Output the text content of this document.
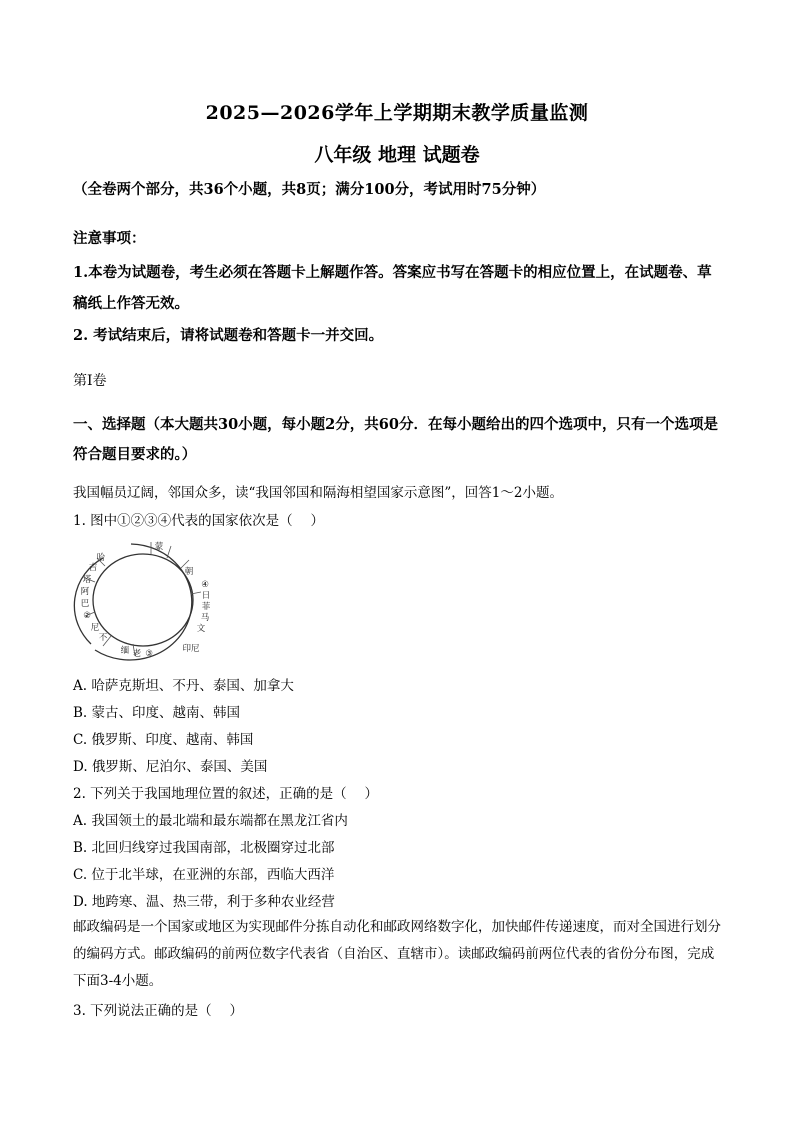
2025—2026学年上学期期末教学质量监测
八年级 地理 试题卷
（全卷两个部分，共36个小题，共8页；满分100分，考试用时75分钟）
注意事项：
1.本卷为试题卷，考生必须在答题卡上解题作答。答案应书写在答题卡的相应位置上，在试题卷、草稿纸上作答无效。
2. 考试结束后，请将试题卷和答题卡一并交回。
第Ⅰ卷
一、选择题（本大题共30小题，每小题2分，共60分．在每小题给出的四个选项中，只有一个选项是符合题目要求的。）
我国幅员辽阔，邻国众多，读“我国邻国和隔海相望国家示意图”，回答1～2小题。
1. 图中①②③④代表的国家依次是（　 ）
蒙
朝
④
日
菲
马
文
印尼
缅 老 ③
不
尼
②
巴
阿
塔
吉
哈
A. 哈萨克斯坦、不丹、泰国、加拿大
B. 蒙古、印度、越南、韩国
C. 俄罗斯、印度、越南、韩国
D. 俄罗斯、尼泊尔、泰国、美国
2. 下列关于我国地理位置的叙述，正确的是（　 ）
A. 我国领土的最北端和最东端都在黑龙江省内
B. 北回归线穿过我国南部，北极圈穿过北部
C. 位于北半球，在亚洲的东部，西临大西洋
D. 地跨寒、温、热三带，利于多种农业经营
邮政编码是一个国家或地区为实现邮件分拣自动化和邮政网络数字化，加快邮件传递速度，而对全国进行划分的编码方式。邮政编码的前两位数字代表省（自治区、直辖市）。读邮政编码前两位代表的省份分布图，完成下面3-4小题。
3. 下列说法正确的是（　 ）
